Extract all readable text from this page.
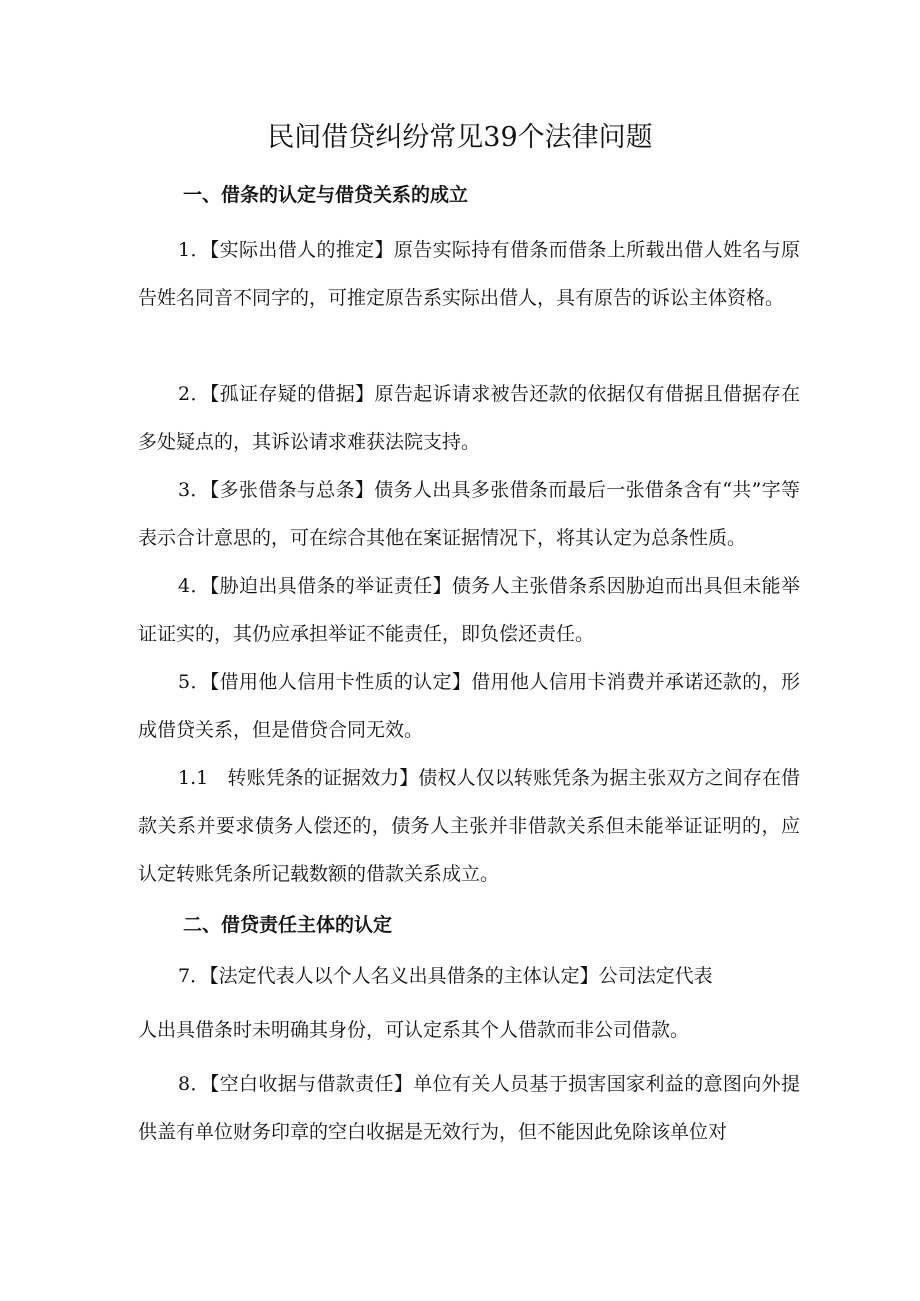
民间借贷纠纷常见39个法律问题
一、借条的认定与借贷关系的成立
1．【实际出借人的推定】原告实际持有借条而借条上所载出借人姓名与原告姓名同音不同字的，可推定原告系实际出借人，具有原告的诉讼主体资格。
2．【孤证存疑的借据】原告起诉请求被告还款的依据仅有借据且借据存在多处疑点的，其诉讼请求难获法院支持。
3．【多张借条与总条】债务人出具多张借条而最后一张借条含有“共”字等表示合计意思的，可在综合其他在案证据情况下，将其认定为总条性质。
4．【胁迫出具借条的举证责任】债务人主张借条系因胁迫而出具但未能举证证实的，其仍应承担举证不能责任，即负偿还责任。
5．【借用他人信用卡性质的认定】借用他人信用卡消费并承诺还款的，形成借贷关系，但是借贷合同无效。
1.1　转账凭条的证据效力】债权人仅以转账凭条为据主张双方之间存在借款关系并要求债务人偿还的，债务人主张并非借款关系但未能举证证明的，应认定转账凭条所记载数额的借款关系成立。
二、借贷责任主体的认定
7．【法定代表人以个人名义出具借条的主体认定】公司法定代表
人出具借条时未明确其身份，可认定系其个人借款而非公司借款。
8．【空白收据与借款责任】单位有关人员基于损害国家利益的意图向外提供盖有单位财务印章的空白收据是无效行为，但不能因此免除该单位对
